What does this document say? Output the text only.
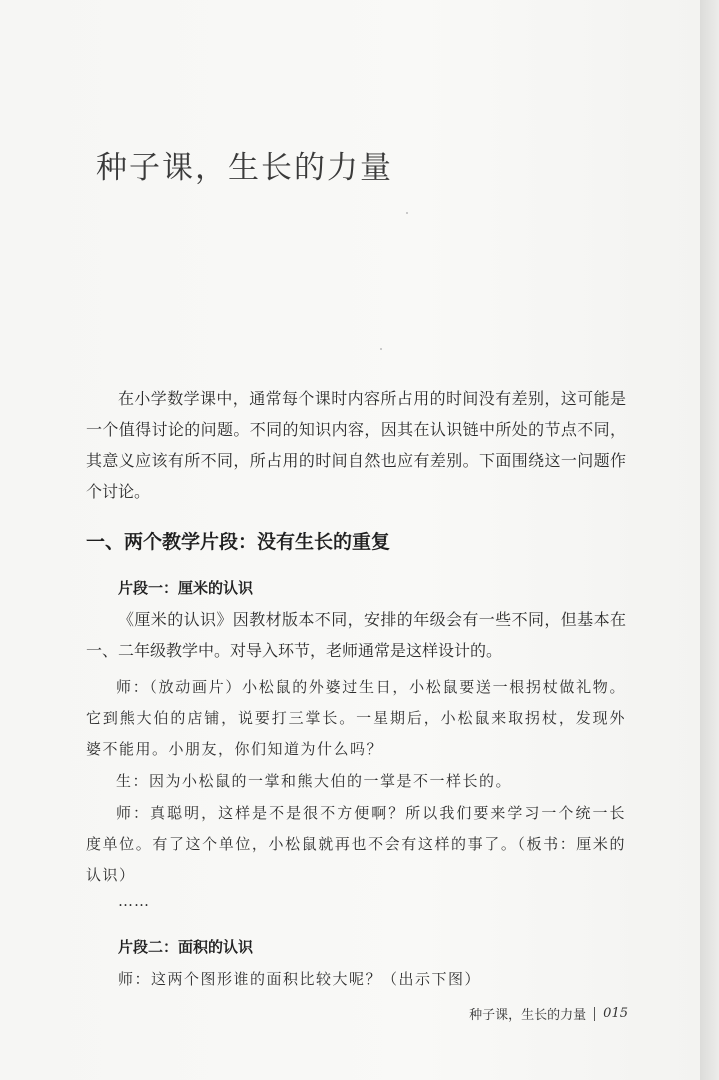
种子课，生长的力量

在小学数学课中，通常每个课时内容所占用的时间没有差别，这可能是一个值得讨论的问题。不同的知识内容，因其在认识链中所处的节点不同，其意义应该有所不同，所占用的时间自然也应有差别。下面围绕这一问题作个讨论。

一、两个教学片段：没有生长的重复
片段一：厘米的认识

《厘米的认识》因教材版本不同，安排的年级会有一些不同，但基本在一、二年级教学中。对导入环节，老师通常是这样设计的。

师：（放动画片）小松鼠的外婆过生日，小松鼠要送一根拐杖做礼物。它到熊大伯的店铺，说要打三掌长。一星期后，小松鼠来取拐杖，发现外婆不能用。小朋友，你们知道为什么吗？

生：因为小松鼠的一掌和熊大伯的一掌是不一样长的。

师：真聪明，这样是不是很不方便啊？所以我们要来学习一个统一长度单位。有了这个单位，小松鼠就再也不会有这样的事了。（板书：厘米的认识）

……

片段二：面积的认识

师：这两个图形谁的面积比较大呢？（出示下图）

种子课，生长的力量 015
